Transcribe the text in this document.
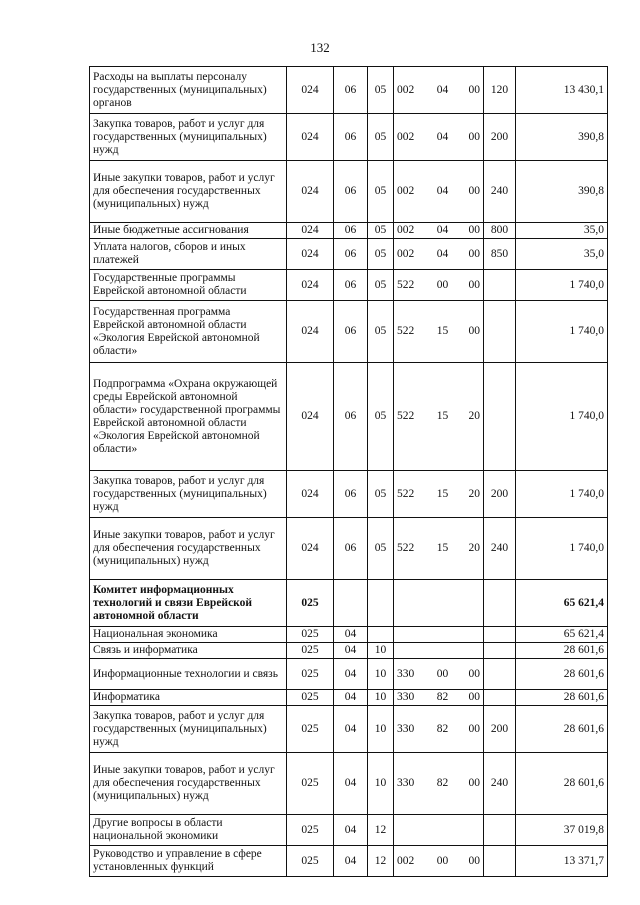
132
Расходы на выплаты персоналу государственных (муниципальных) органов	024	06	05	002	04	00	120	13 430,1
Закупка товаров, работ и услуг для государственных (муниципальных) нужд	024	06	05	002	04	00	200	390,8
Иные закупки товаров, работ и услуг для обеспечения государственных (муниципальных) нужд	024	06	05	002	04	00	240	390,8
Иные бюджетные ассигнования	024	06	05	002	04	00	800	35,0
Уплата налогов, сборов и иных платежей	024	06	05	002	04	00	850	35,0
Государственные программы Еврейской автономной области	024	06	05	522	00	00		1 740,0
Государственная программа Еврейской автономной области «Экология Еврейской автономной области»	024	06	05	522	15	00		1 740,0
Подпрограмма «Охрана окружающей среды Еврейской автономной области» государственной программы Еврейской автономной области «Экология Еврейской автономной области»	024	06	05	522	15	20		1 740,0
Закупка товаров, работ и услуг для государственных (муниципальных) нужд	024	06	05	522	15	20	200	1 740,0
Иные закупки товаров, работ и услуг для обеспечения государственных (муниципальных) нужд	024	06	05	522	15	20	240	1 740,0
Комитет информационных технологий и связи Еврейской автономной области	025							65 621,4
Национальная экономика	025	04						65 621,4
Связь и информатика	025	04	10					28 601,6
Информационные технологии и связь	025	04	10	330	00	00		28 601,6
Информатика	025	04	10	330	82	00		28 601,6
Закупка товаров, работ и услуг для государственных (муниципальных) нужд	025	04	10	330	82	00	200	28 601,6
Иные закупки товаров, работ и услуг для обеспечения государственных (муниципальных) нужд	025	04	10	330	82	00	240	28 601,6
Другие вопросы в области национальной экономики	025	04	12					37 019,8
Руководство и управление в сфере установленных функций	025	04	12	002	00	00		13 371,7
